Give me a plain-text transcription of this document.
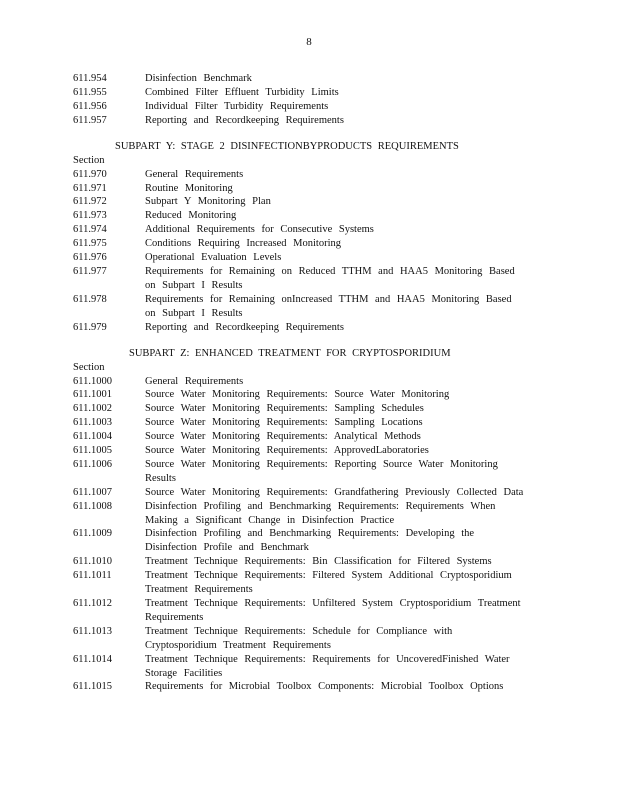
8
611.954	Disinfection Benchmark
611.955	Combined Filter Effluent Turbidity Limits
611.956	Individual Filter Turbidity Requirements
611.957	Reporting and Recordkeeping Requirements
SUBPART Y: STAGE 2 DISINFECTIONBYPRODUCTS REQUIREMENTS
Section
611.970	General Requirements
611.971	Routine Monitoring
611.972	Subpart Y Monitoring Plan
611.973	Reduced Monitoring
611.974	Additional Requirements for Consecutive Systems
611.975	Conditions Requiring Increased Monitoring
611.976	Operational Evaluation Levels
611.977	Requirements for Remaining on Reduced TTHM and HAA5 Monitoring Based on Subpart I Results
611.978	Requirements for Remaining onIncreased TTHM and HAA5 Monitoring Based on Subpart I Results
611.979	Reporting and Recordkeeping Requirements
SUBPART Z: ENHANCED TREATMENT FOR CRYPTOSPORIDIUM
Section
611.1000	General Requirements
611.1001	Source Water Monitoring Requirements: Source Water Monitoring
611.1002	Source Water Monitoring Requirements: Sampling Schedules
611.1003	Source Water Monitoring Requirements: Sampling Locations
611.1004	Source Water Monitoring Requirements: Analytical Methods
611.1005	Source Water Monitoring Requirements: ApprovedLaboratories
611.1006	Source Water Monitoring Requirements: Reporting Source Water Monitoring Results
611.1007	Source Water Monitoring Requirements: Grandfathering Previously Collected Data
611.1008	Disinfection Profiling and Benchmarking Requirements: Requirements When Making a Significant Change in Disinfection Practice
611.1009	Disinfection Profiling and Benchmarking Requirements: Developing the Disinfection Profile and Benchmark
611.1010	Treatment Technique Requirements: Bin Classification for Filtered Systems
611.1011	Treatment Technique Requirements: Filtered System Additional Cryptosporidium Treatment Requirements
611.1012	Treatment Technique Requirements: Unfiltered System Cryptosporidium Treatment Requirements
611.1013	Treatment Technique Requirements: Schedule for Compliance with Cryptosporidium Treatment Requirements
611.1014	Treatment Technique Requirements: Requirements for UncoveredFinished Water Storage Facilities
611.1015	Requirements for Microbial Toolbox Components: Microbial Toolbox Options
